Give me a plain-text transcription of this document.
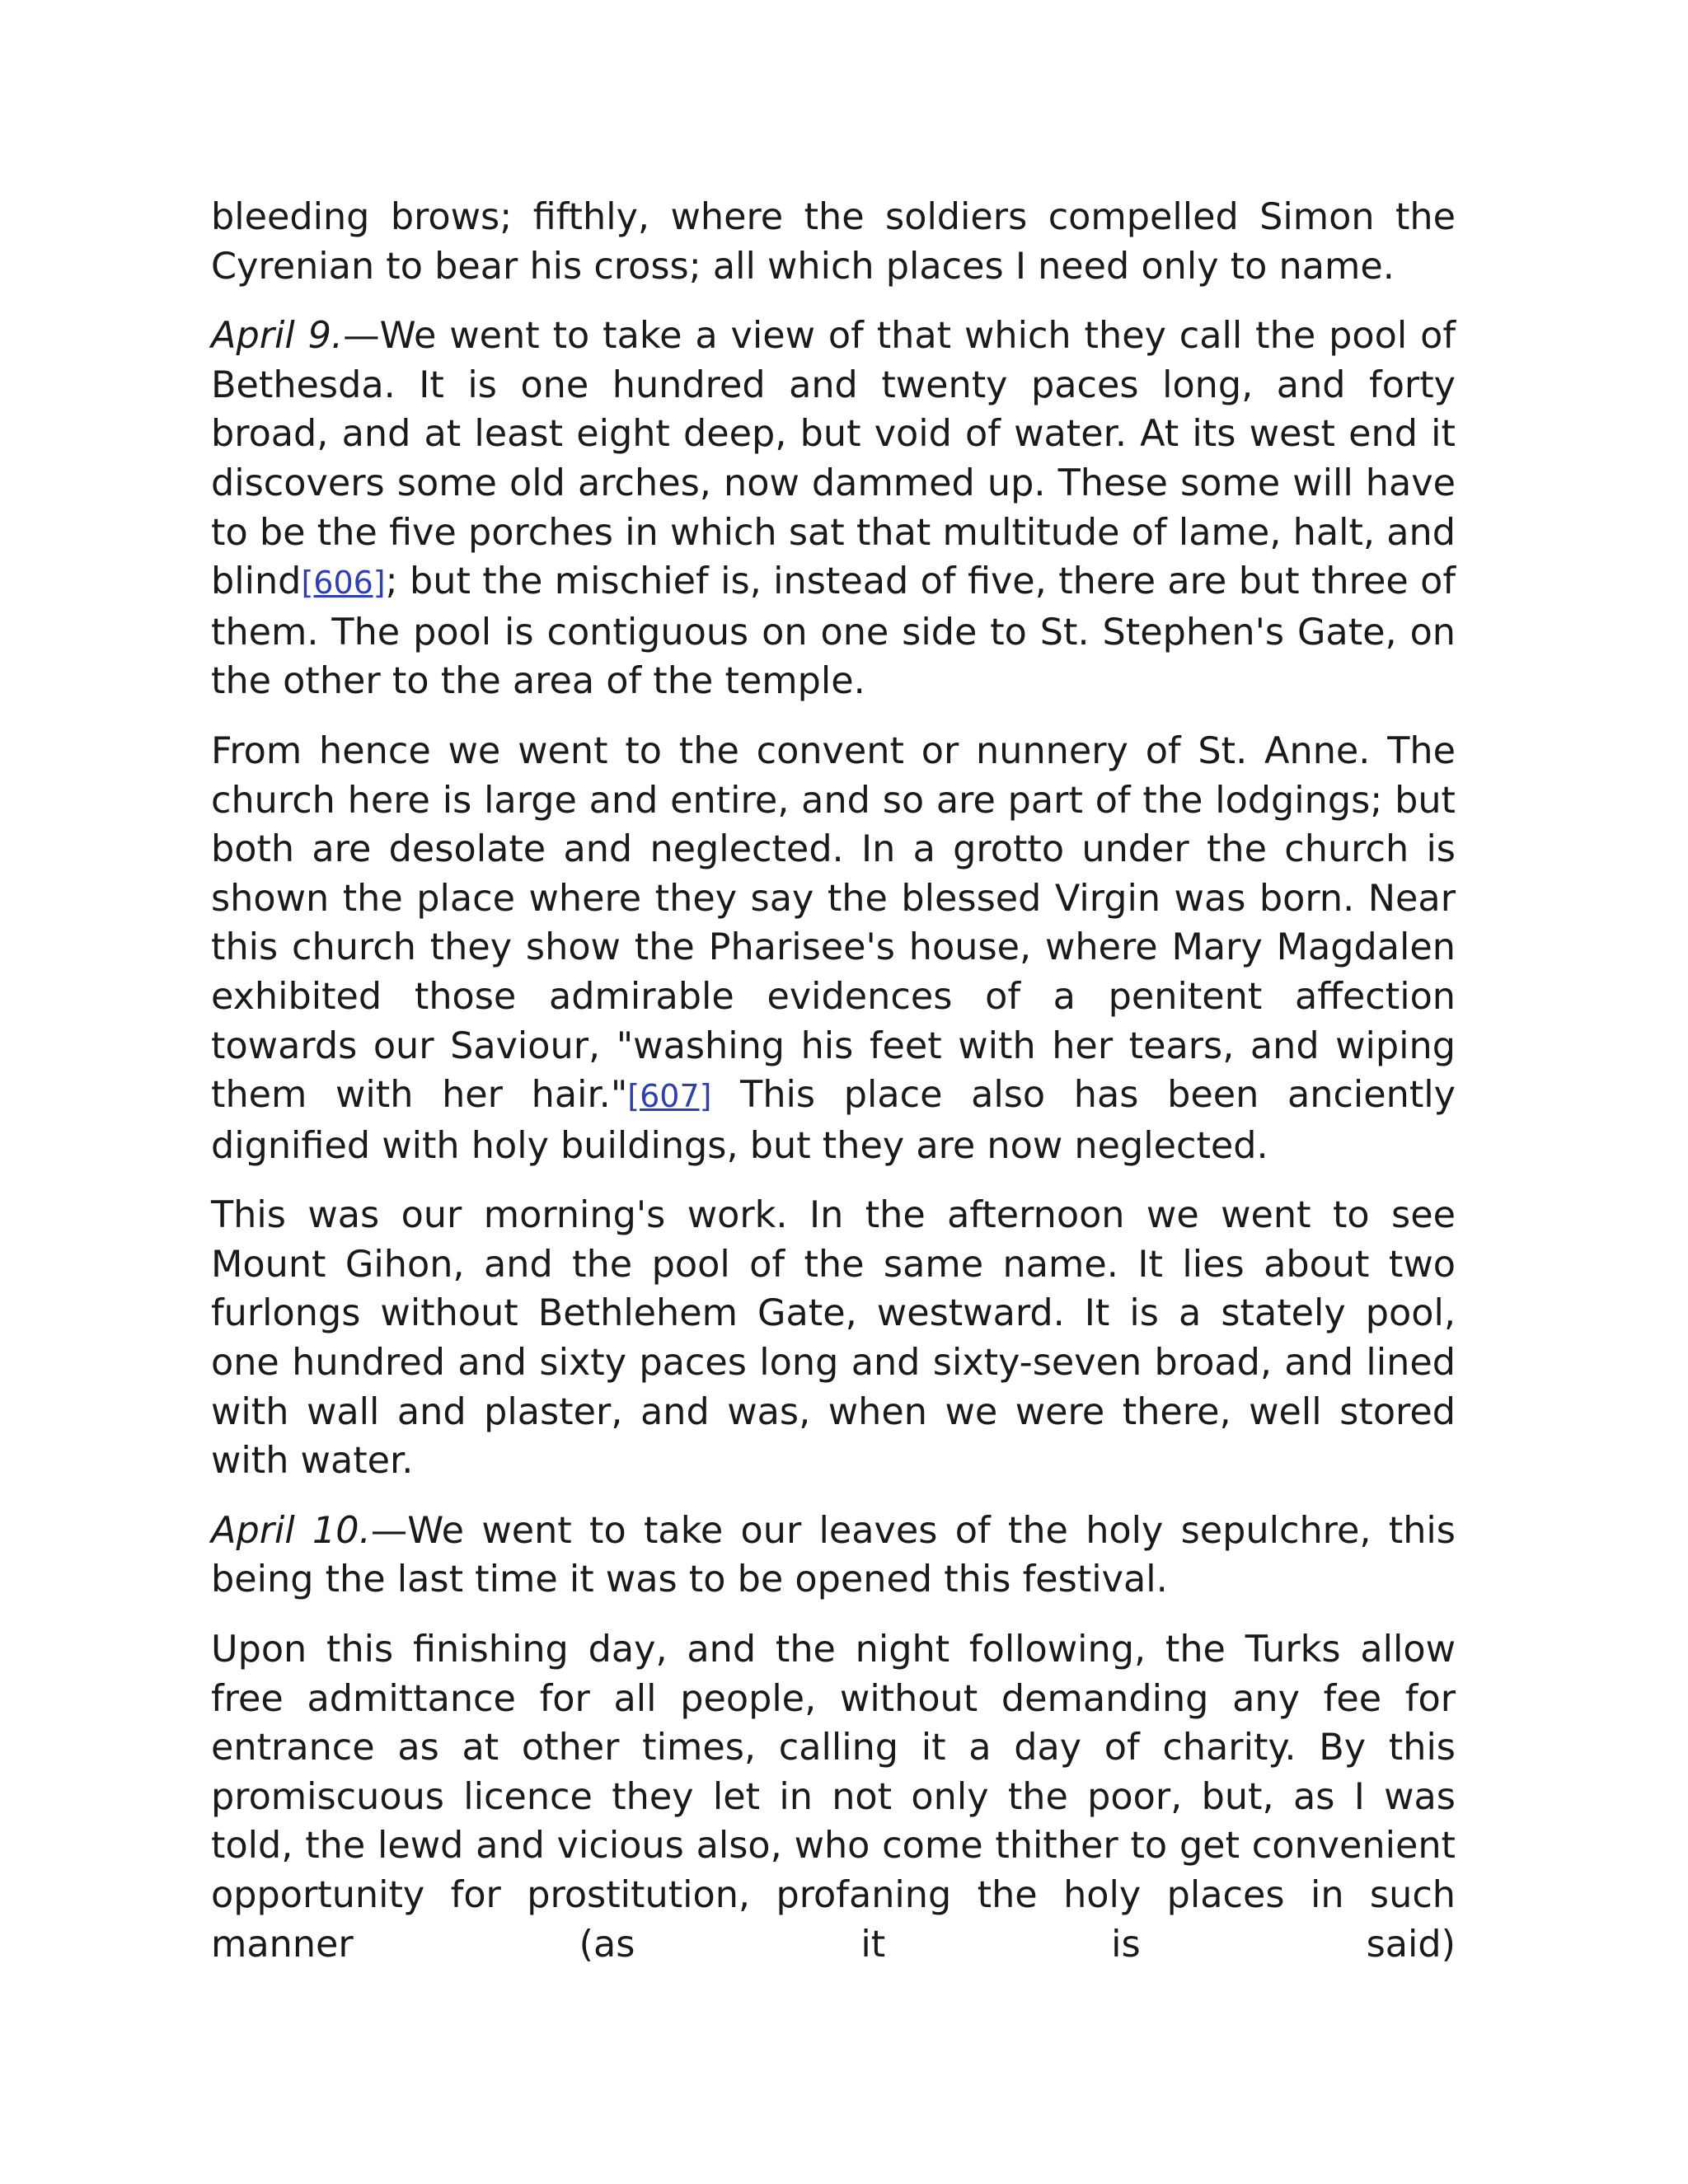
bleeding brows; fifthly, where the soldiers compelled Simon the Cyrenian to bear his cross; all which places I need only to name.

April 9.—We went to take a view of that which they call the pool of Bethesda. It is one hundred and twenty paces long, and forty broad, and at least eight deep, but void of water. At its west end it discovers some old arches, now dammed up. These some will have to be the five porches in which sat that multitude of lame, halt, and blind[606]; but the mischief is, instead of five, there are but three of them. The pool is contiguous on one side to St. Stephen's Gate, on the other to the area of the temple.

From hence we went to the convent or nunnery of St. Anne. The church here is large and entire, and so are part of the lodgings; but both are desolate and neglected. In a grotto under the church is shown the place where they say the blessed Virgin was born. Near this church they show the Pharisee's house, where Mary Magdalen exhibited those admirable evidences of a penitent affection towards our Saviour, "washing his feet with her tears, and wiping them with her hair."[607] This place also has been anciently dignified with holy buildings, but they are now neglected.

This was our morning's work. In the afternoon we went to see Mount Gihon, and the pool of the same name. It lies about two furlongs without Bethlehem Gate, westward. It is a stately pool, one hundred and sixty paces long and sixty-seven broad, and lined with wall and plaster, and was, when we were there, well stored with water.

April 10.—We went to take our leaves of the holy sepulchre, this being the last time it was to be opened this festival.

Upon this finishing day, and the night following, the Turks allow free admittance for all people, without demanding any fee for entrance as at other times, calling it a day of charity. By this promiscuous licence they let in not only the poor, but, as I was told, the lewd and vicious also, who come thither to get convenient opportunity for prostitution, profaning the holy places in such manner (as it is said)
